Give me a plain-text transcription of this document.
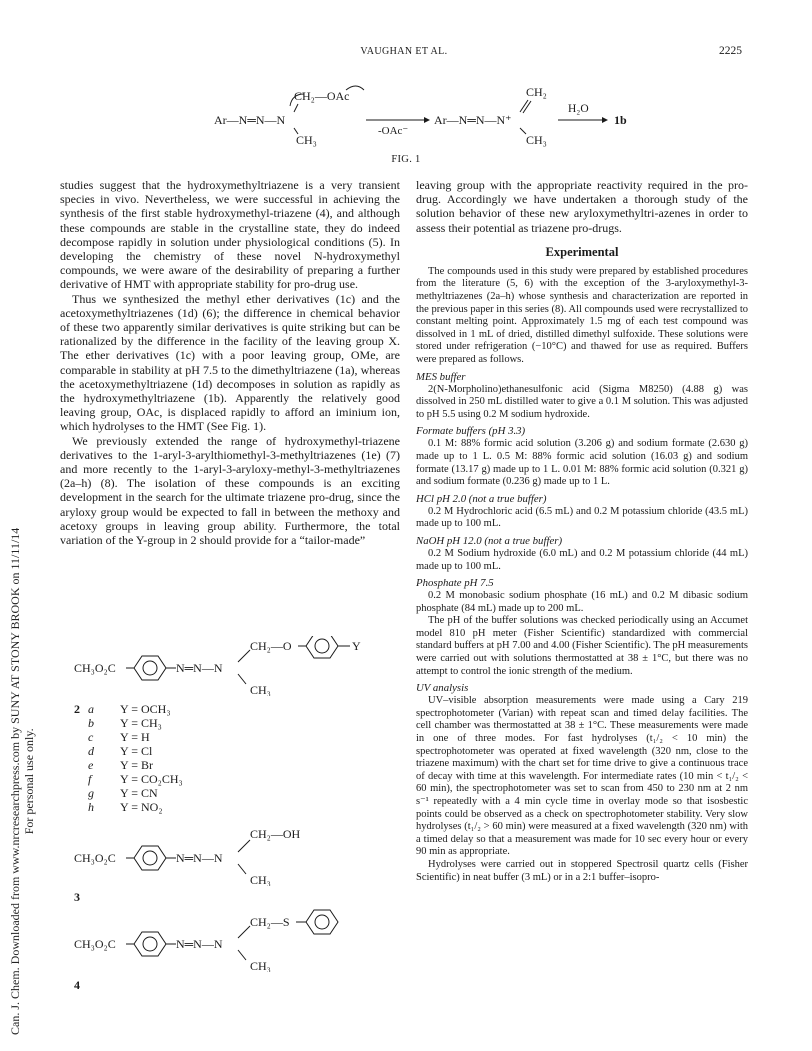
VAUGHAN ET AL.	2225
Can. J. Chem. Downloaded from www.nrcresearchpress.com by SUNY AT STONY BROOK on 11/11/14 For personal use only.
Ar—N═N—N
CH₂—OAc
CH₃
-OAc⁻
Ar—N═N—N⁺
CH₂
CH₃
H₂O
1b
FIG. 1

studies suggest that the hydroxymethyltriazene is a very transient species in vivo. Nevertheless, we were successful in achieving the synthesis of the first stable hydroxymethyl-triazene (4), and although these compounds are stable in the crystalline state, they do indeed decompose rapidly in solution under physiological conditions (5). In developing the chemistry of these novel N-hydroxymethyl compounds, we were aware of the desirability of preparing a further derivative of HMT with appropriate stability for pro-drug use.

Thus we synthesized the methyl ether derivatives (1c) and the acetoxymethyltriazenes (1d) (6); the difference in chemical behavior of these two apparently similar derivatives is quite striking but can be rationalized by the difference in the facility of the leaving group X. The ether derivatives (1c) with a poor leaving group, OMe, are comparable in stability at pH 7.5 to the dimethyltriazene (1a), whereas the acetoxymethyltriazene (1d) decomposes in solution as rapidly as the hydroxymethyltriazene (1b). Apparently the relatively good leaving group, OAc, is displaced rapidly to afford an iminium ion, which hydrolyses to the HMT (See Fig. 1).

We previously extended the range of hydroxymethyl-triazene derivatives to the 1-aryl-3-arylthiomethyl-3-methyltriazenes (1e) (7) and more recently to the 1-aryl-3-aryloxy-methyl-3-methyltriazenes (2a–h) (8). The isolation of these compounds is an exciting development in the search for the ultimate triazene pro-drug, since the aryloxy group would be expected to fall in between the methoxy and acetoxy groups in leaving group ability. Furthermore, the total variation of the Y-group in 2 should provide for a “tailor-made”

CH₃O₂C	N═N—N
CH₂—O	Y
CH₃
2 a	Y = OCH₃
b	Y = CH₃
c	Y = H
d	Y = Cl
e	Y = Br
f	Y = CO₂CH₃
g	Y = CN
h	Y = NO₂
CH₃O₂C	N═N—N
CH₂—OH
CH₃
3
CH₃O₂C	N═N—N
CH₂—S
CH₃
4

leaving group with the appropriate reactivity required in the pro-drug. Accordingly we have undertaken a thorough study of the solution behavior of these new aryloxymethyltri-azenes in order to assess their potential as triazene pro-drugs.

Experimental

The compounds used in this study were prepared by established procedures from the literature (5, 6) with the exception of the 3-aryloxymethyl-3-methyltriazenes (2a–h) whose synthesis and characterization are reported in the previous paper in this series (8). All compounds used were recrystallized to constant melting point. Approximately 1.5 mg of each test compound was dissolved in 1 mL of dried, distilled dimethyl sulfoxide. These solutions were stored under refrigeration (−10°C) and thawed for use as required. Buffers were prepared as follows.

MES buffer

2(N-Morpholino)ethanesulfonic acid (Sigma M8250) (4.88 g) was dissolved in 250 mL distilled water to give a 0.1 M solution. This was adjusted to pH 5.5 using 0.2 M sodium hydroxide.

Formate buffers (pH 3.3)

0.1 M: 88% formic acid solution (3.206 g) and sodium formate (2.630 g) made up to 1 L. 0.5 M: 88% formic acid solution (16.03 g) and sodium formate (13.17 g) made up to 1 L. 0.01 M: 88% formic acid solution (0.321 g) and sodium formate (0.236 g) made up to 1 L.

HCl pH 2.0 (not a true buffer)

0.2 M Hydrochloric acid (6.5 mL) and 0.2 M potassium chloride (43.5 mL) made up to 100 mL.

NaOH pH 12.0 (not a true buffer)

0.2 M Sodium hydroxide (6.0 mL) and 0.2 M potassium chloride (44 mL) made up to 100 mL.

Phosphate pH 7.5

0.2 M monobasic sodium phosphate (16 mL) and 0.2 M dibasic sodium phosphate (84 mL) made up to 200 mL.

The pH of the buffer solutions was checked periodically using an Accumet model 810 pH meter (Fisher Scientific) standardized with commercial standard buffers at pH 7.00 and 4.00 (Fisher Scientific). The pH measurements were carried out with solutions thermostatted at 38 ± 1°C, but there was no attempt to control the ionic strength of the medium.

UV analysis

UV–visible absorption measurements were made using a Cary 219 spectrophotometer (Varian) with repeat scan and timed delay facilities. The cell chamber was thermostatted at 38 ± 1°C. These measurements were made in one of three modes. For fast hydrolyses (t₁/₂ < 10 min) the spectrophotometer was operated at fixed wavelength (320 nm, close to the triazene maximum) with the chart set for time drive to give a continuous trace of decay with time at this wavelength. For intermediate rates (10 min < t₁/₂ < 60 min), the spectrophotometer was set to scan from 450 to 230 nm at 2 nm s⁻¹ repeatedly with a 4 min cycle time in overlay mode so that isosbestic points could be observed as a check on spectrophotometer stability. Very slow hydrolyses (t₁/₂ > 60 min) were measured at a fixed wavelength (320 nm) with a timed delay so that a measurement was made for 10 sec every hour or every 90 min as appropriate.

Hydrolyses were carried out in stoppered Spectrosil quartz cells (Fisher Scientific) in neat buffer (3 mL) or in a 2:1 buffer–isopro-
